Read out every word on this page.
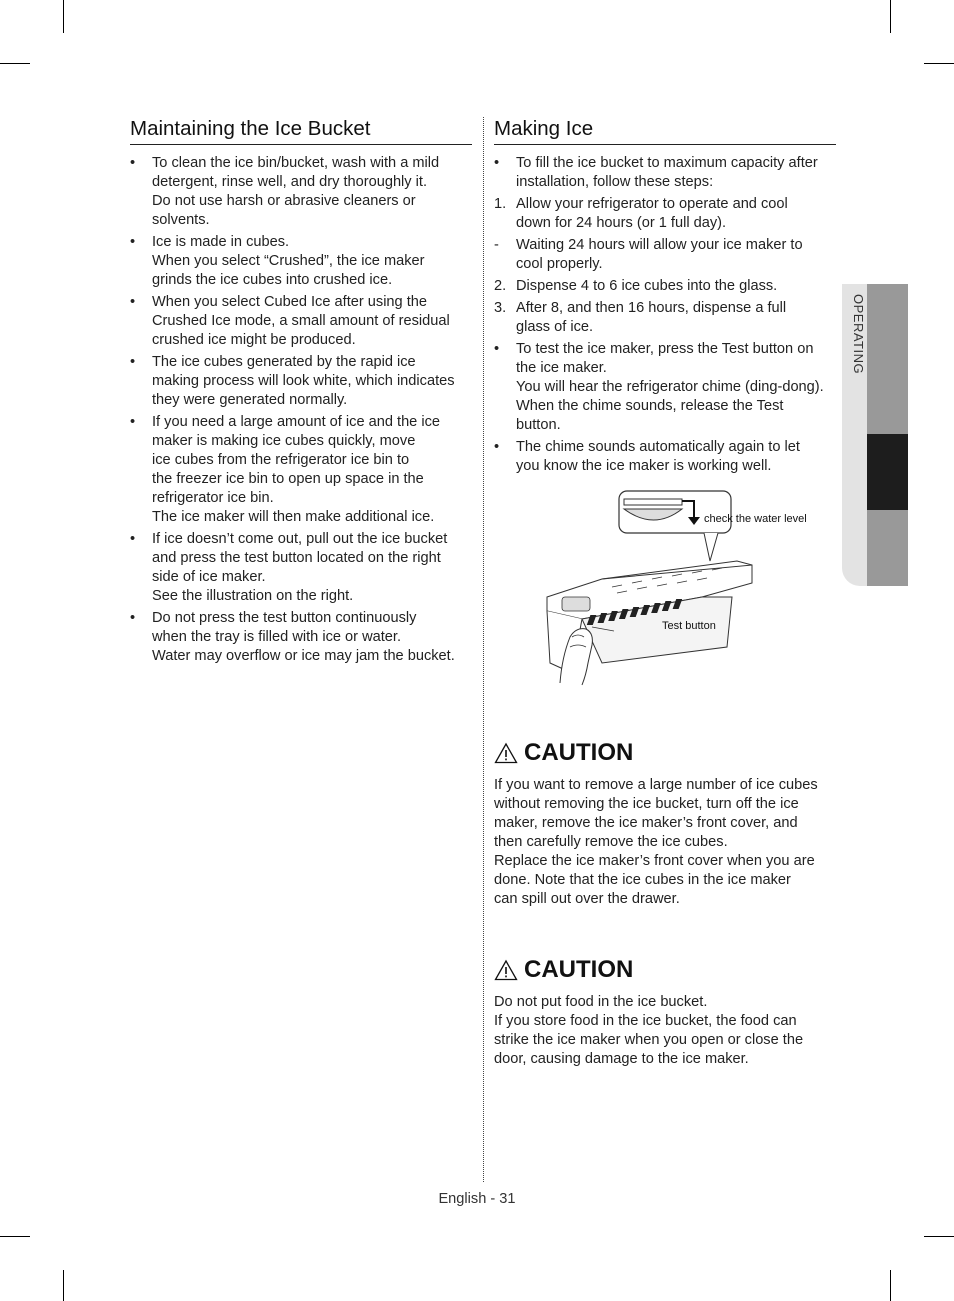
OPERATING
Maintaining the Ice Bucket
• To clean the ice bin/bucket, wash with a mild
detergent, rinse well, and dry thoroughly it.
Do not use harsh or abrasive cleaners or
solvents.
• Ice is made in cubes.
When you select “Crushed”, the ice maker
grinds the ice cubes into crushed ice.
• When you select Cubed Ice after using the
Crushed Ice mode, a small amount of residual
crushed ice might be produced.
• The ice cubes generated by the rapid ice
making process will look white, which indicates
they were generated normally.
• If you need a large amount of ice and the ice
maker is making ice cubes quickly, move
ice cubes from the refrigerator ice bin to
the freezer ice bin to open up space in the
refrigerator ice bin.
The ice maker will then make additional ice.
• If ice doesn’t come out, pull out the ice bucket
and press the test button located on the right
side of ice maker.
See the illustration on the right.
• Do not press the test button continuously
when the tray is filled with ice or water.
Water may overflow or ice may jam the bucket.
Making Ice
• To fill the ice bucket to maximum capacity after
installation, follow these steps:
1. Allow your refrigerator to operate and cool
down for 24 hours (or 1 full day).
- Waiting 24 hours will allow your ice maker to
cool properly.
2. Dispense 4 to 6 ice cubes into the glass.
3. After 8, and then 16 hours, dispense a full
glass of ice.
• To test the ice maker, press the Test button on
the ice maker.
You will hear the refrigerator chime (ding-dong).
When the chime sounds, release the Test
button.
• The chime sounds automatically again to let
you know the ice maker is working well.
check the water level
Test button
CAUTION

If you want to remove a large number of ice cubes
without removing the ice bucket, turn off the ice
maker, remove the ice maker’s front cover, and
then carefully remove the ice cubes.
Replace the ice maker’s front cover when you are
done. Note that the ice cubes in the ice maker
can spill out over the drawer.

CAUTION

Do not put food in the ice bucket.
If you store food in the ice bucket, the food can
strike the ice maker when you open or close the
door, causing damage to the ice maker.

English - 31
